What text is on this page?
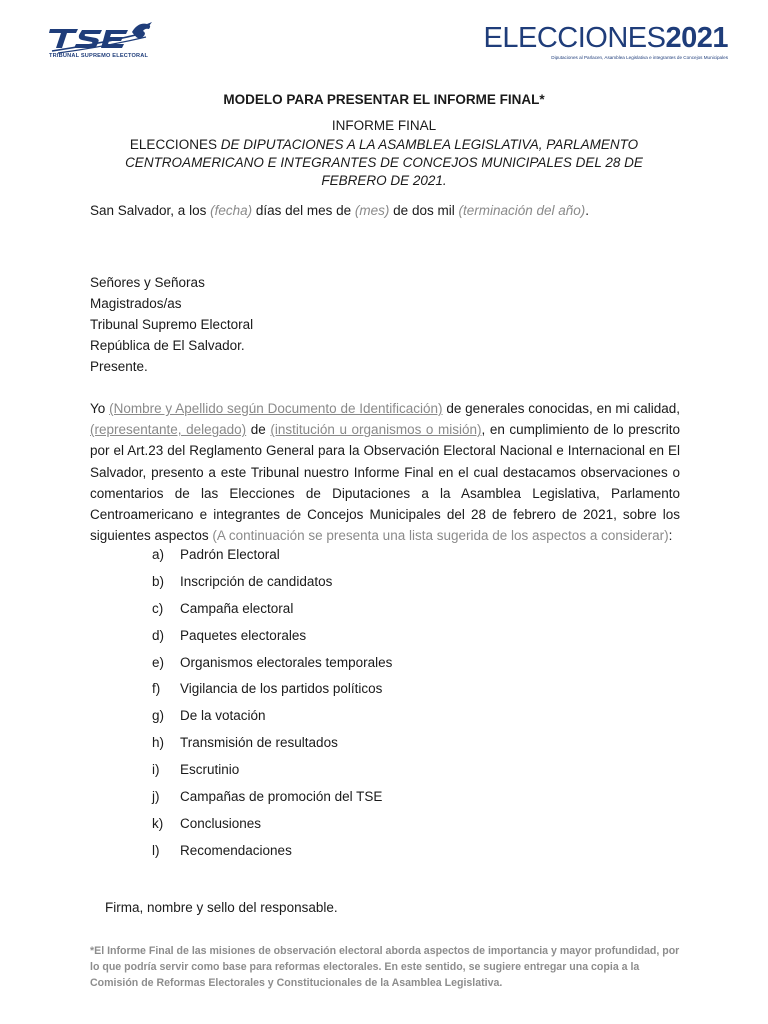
TRIBUNAL SUPREMO ELECTORAL
ELECCIONES2021
Diputaciones al Parlacen, Asamblea Legislativa e integrantes de Concejos Municipales
MODELO PARA PRESENTAR EL INFORME FINAL*
INFORME FINAL
ELECCIONES DE DIPUTACIONES A LA ASAMBLEA LEGISLATIVA, PARLAMENTO CENTROAMERICANO E INTEGRANTES DE CONCEJOS MUNICIPALES DEL 28 DE FEBRERO DE 2021.
San Salvador, a los (fecha) días del mes de (mes) de dos mil (terminación del año).
Señores y Señoras
Magistrados/as
Tribunal Supremo Electoral
República de El Salvador.
Presente.
Yo (Nombre y Apellido según Documento de Identificación) de generales conocidas, en mi calidad, (representante, delegado) de (institución u organismos o misión), en cumplimiento de lo prescrito por el Art.23 del Reglamento General para la Observación Electoral Nacional e Internacional en El Salvador, presento a este Tribunal nuestro Informe Final en el cual destacamos observaciones o comentarios de las Elecciones de Diputaciones a la Asamblea Legislativa, Parlamento Centroamericano e integrantes de Concejos Municipales del 28 de febrero de 2021, sobre los siguientes aspectos (A continuación se presenta una lista sugerida de los aspectos a considerar):
a)	Padrón Electoral
b)	Inscripción de candidatos
c)	Campaña electoral
d)	Paquetes electorales
e)	Organismos electorales temporales
f)	Vigilancia de los partidos políticos
g)	De la votación
h)	Transmisión de resultados
i)	Escrutinio
j)	Campañas de promoción del TSE
k)	Conclusiones
l)	Recomendaciones
Firma, nombre y sello del responsable.
*El Informe Final de las misiones de observación electoral aborda aspectos de importancia y mayor profundidad, por lo que podría servir como base para reformas electorales. En este sentido, se sugiere entregar una copia a la Comisión de Reformas Electorales y Constitucionales de la Asamblea Legislativa.
